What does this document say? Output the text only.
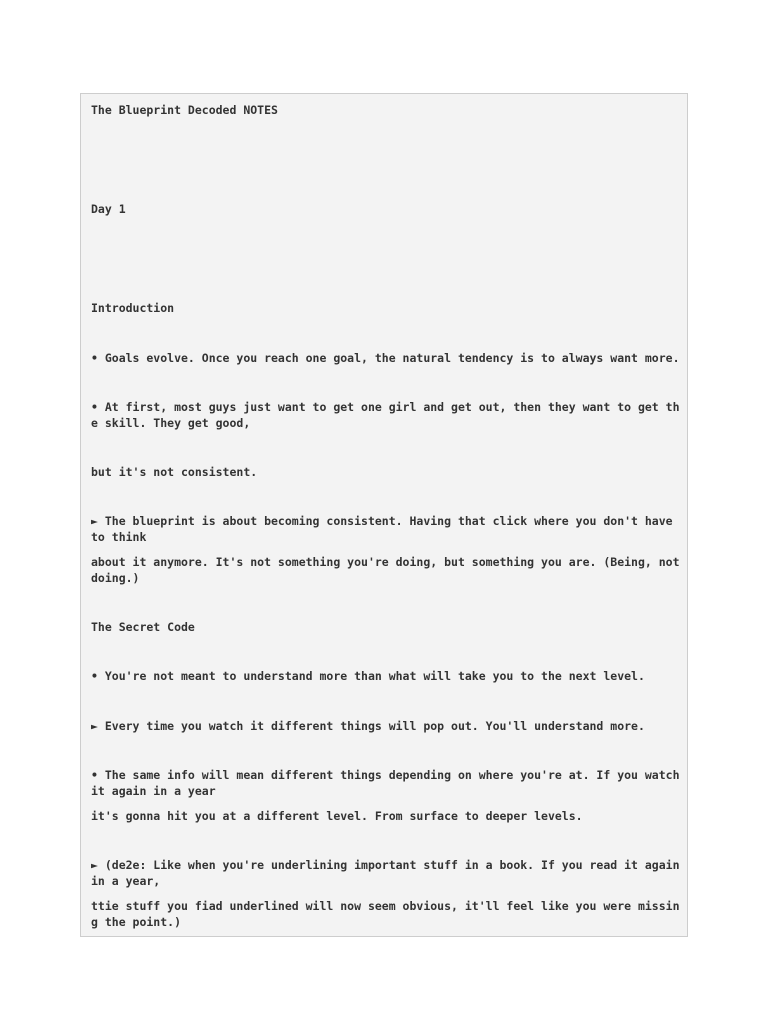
The Blueprint Decoded NOTES

Day 1

Introduction

• Goals evolve. Once you reach one goal, the natural tendency is to always want more.

• At first, most guys just want to get one girl and get out, then they want to get the skill. They get good,

but it's not consistent.

► The blueprint is about becoming consistent. Having that click where you don't have to think

about it anymore. It's not something you're doing, but something you are. (Being, not doing.)

The Secret Code

• You're not meant to understand more than what will take you to the next level.

► Every time you watch it different things will pop out. You'll understand more.

• The same info will mean different things depending on where you're at. If you watch it again in a year

it's gonna hit you at a different level. From surface to deeper levels.

► (de2e: Like when you're underlining important stuff in a book. If you read it again in a year,

ttie stuff you fiad underlined will now seem obvious, it'll feel like you were missing the point.)
